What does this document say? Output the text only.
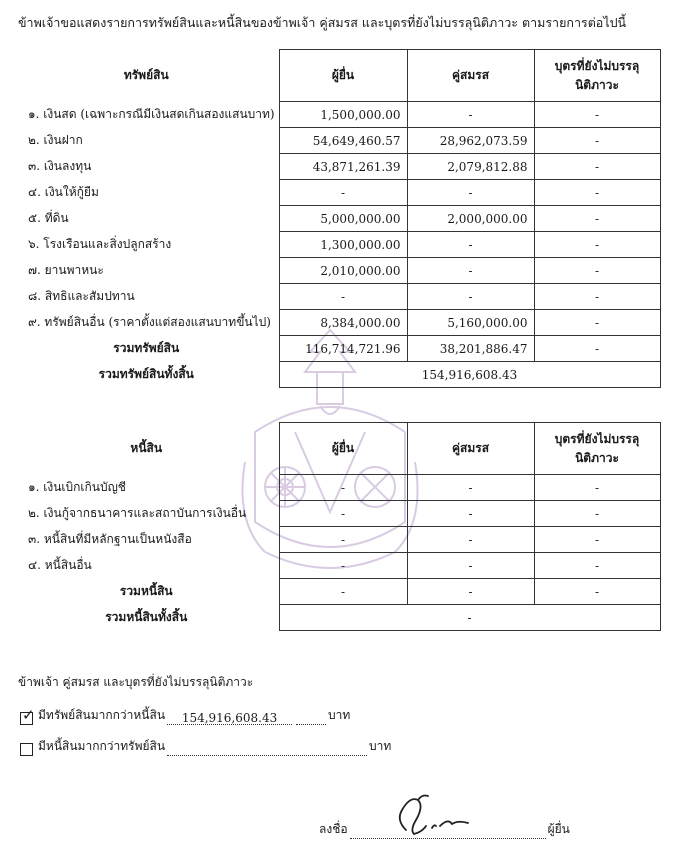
ข้าพเจ้าขอแสดงรายการทรัพย์สินและหนี้สินของข้าพเจ้า คู่สมรส และบุตรที่ยังไม่บรรลุนิติภาวะ ตามรายการต่อไปนี้
ทรัพย์สิน	ผู้ยื่น	คู่สมรส	บุตรที่ยังไม่บรรลุ
นิติภาวะ

๑. เงินสด (เฉพาะกรณีมีเงินสดเกินสองแสนบาท)	1,500,000.00	-	-
๒. เงินฝาก	54,649,460.57	28,962,073.59	-
๓. เงินลงทุน	43,871,261.39	2,079,812.88	-
๔. เงินให้กู้ยืม	-	-	-
๕. ที่ดิน	5,000,000.00	2,000,000.00	-
๖. โรงเรือนและสิ่งปลูกสร้าง	1,300,000.00	-	-
๗. ยานพาหนะ	2,010,000.00	-	-
๘. สิทธิและสัมปทาน	-	-	-
๙. ทรัพย์สินอื่น (ราคาตั้งแต่สองแสนบาทขึ้นไป)	8,384,000.00	5,160,000.00	-
รวมทรัพย์สิน	116,714,721.96	38,201,886.47	-
รวมทรัพย์สินทั้งสิ้น	154,916,608.43		
หนี้สิน	ผู้ยื่น	คู่สมรส	บุตรที่ยังไม่บรรลุ
นิติภาวะ

๑. เงินเบิกเกินบัญชี	-	-	-
๒. เงินกู้จากธนาคารและสถาบันการเงินอื่น	-	-	-
๓. หนี้สินที่มีหลักฐานเป็นหนังสือ	-	-	-
๔. หนี้สินอื่น	-	-	-
รวมหนี้สิน	-	-	-
รวมหนี้สินทั้งสิ้น	-		
ข้าพเจ้า คู่สมรส และบุตรที่ยังไม่บรรลุนิติภาวะ
✓ มีทรัพย์สินมากกว่าหนี้สิน	154,916,608.43	บาท
มีหนี้สินมากกว่าทรัพย์สิน	บาท
ลงชื่อ	ผู้ยื่น
